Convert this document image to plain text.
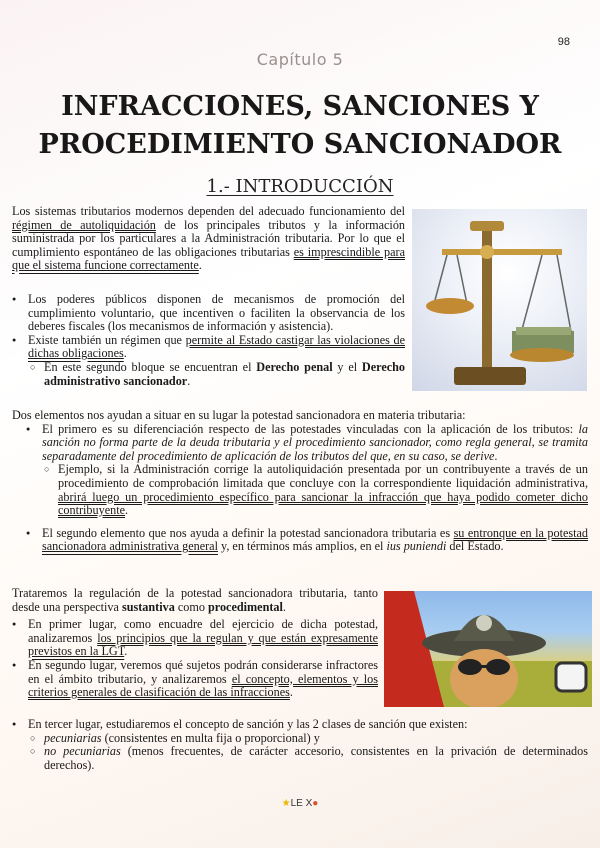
98
Capítulo 5
INFRACCIONES, SANCIONES Y
PROCEDIMIENTO SANCIONADOR
1.- INTRODUCCIÓN

Los sistemas tributarios modernos dependen del adecuado funcionamiento del régimen de autoliquidación de los principales tributos y la información suministrada por los particulares a la Administración tributaria. Por lo que el cumplimiento espontáneo de las obligaciones tributarias es imprescindible para que el sistema funcione correctamente.

● Los poderes públicos disponen de mecanismos de promoción del cumplimiento voluntario, que incentiven o faciliten la observancia de los deberes fiscales (los mecanismos de información y asistencia).
● Existe también un régimen que permite al Estado castigar las violaciones de dichas obligaciones.
○ En este segundo bloque se encuentran el Derecho penal y el Derecho administrativo sancionador.

Dos elementos nos ayudan a situar en su lugar la potestad sancionadora en materia tributaria:

● El primero es su diferenciación respecto de las potestades vinculadas con la aplicación de los tributos: la sanción no forma parte de la deuda tributaria y el procedimiento sancionador, como regla general, se tramita separadamente del procedimiento de aplicación de los tributos del que, en su caso, se derive.
○ Ejemplo, si la Administración corrige la autoliquidación presentada por un contribuyente a través de un procedimiento de comprobación limitada que concluye con la correspondiente liquidación administrativa, abrirá luego un procedimiento específico para sancionar la infracción que haya podido cometer dicho contribuyente.
● El segundo elemento que nos ayuda a definir la potestad sancionadora tributaria es su entronque en la potestad sancionadora administrativa general y, en términos más amplios, en el ius puniendi del Estado.

Trataremos la regulación de la potestad sancionadora tributaria, tanto desde una perspectiva sustantiva como procedimental.

● En primer lugar, como encuadre del ejercicio de dicha potestad, analizaremos los principios que la regulan y que están expresamente previstos en la LGT.
● En segundo lugar, veremos qué sujetos podrán considerarse infractores en el ámbito tributario, y analizaremos el concepto, elementos y los criterios generales de clasificación de las infracciones.
● En tercer lugar, estudiaremos el concepto de sanción y las 2 clases de sanción que existen:
○ pecuniarias (consistentes en multa fija o proporcional) y
○ no pecuniarias (menos frecuentes, de carácter accesorio, consistentes en la privación de determinados derechos).
★LE X●
